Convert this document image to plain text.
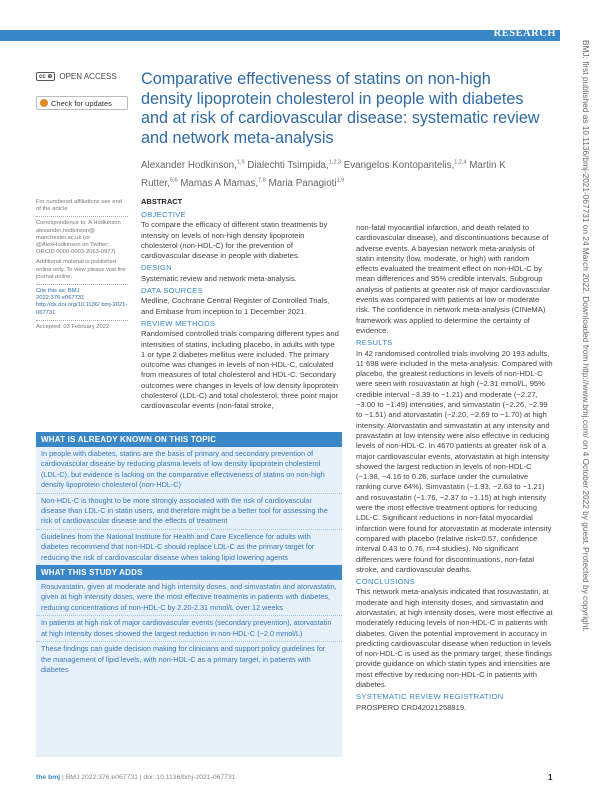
RESEARCH
cc ⊕ OPEN ACCESS
Check for updates
Comparative effectiveness of statins on non-high density lipoprotein cholesterol in people with diabetes and at risk of cardiovascular disease: systematic review and network meta-analysis
Alexander Hodkinson,$^{1,9}$ Dialechti Tsimpida,$^{1,2,3}$ Evangelos Kontopantelis,$^{1,2,4}$ Martin K Rutter,$^{5,6}$ Mamas A Mamas,$^{7,8}$ Maria Panagioti$^{1,9}$

For numbered affiliations see end of the article

Correspondence to: A Hodkinson alexander.hodkinson@ manchester.ac.uk (or @AlexHodkinson on Twitter; ORCID 0000-0003-2063-0977)

Additional material is published online only. To view please visit the journal online.

Cite this as: BMJ 2022;376:e067731 http://dx.doi.org/10.1136/ bmj-2021-067731

Accepted: 03 February 2022	BMJ: first published as 10.1136/bmj-2021-067731 on 24 March 2022. Downloaded from http://www.bmj.com/ on 4 October 2022 by guest. Protected by copyright.
ABSTRACT
OBJECTIVE

To compare the efficacy of different statin treatments by intensity on levels of non-high density lipoprotein cholesterol (non-HDL-C) for the prevention of cardiovascular disease in people with diabetes.

DESIGN

Systematic review and network meta-analysis.

DATA SOURCES

Medline, Cochrane Central Register of Controlled Trials, and Embase from inception to 1 December 2021.

REVIEW METHODS

Randomised controlled trials comparing different types and intensities of statins, including placebo, in adults with type 1 or type 2 diabetes mellitus were included. The primary outcome was changes in levels of non-HDL-C, calculated from measures of total cholesterol and HDL-C. Secondary outcomes were changes in levels of low density lipoprotein cholesterol (LDL-C) and total cholesterol, three point major cardiovascular events (non-fatal stroke,

non-fatal myocardial infarction, and death related to cardiovascular disease), and discontinuations because of adverse events. A bayesian network meta-analysis of statin intensity (low, moderate, or high) with random effects evaluated the treatment effect on non-HDL-C by mean differences and 95% credible intervals. Subgroup analysis of patients at greater risk of major cardiovascular events was compared with patients at low or moderate risk. The confidence in network meta-analysis (CINeMA) framework was applied to determine the certainty of evidence.

RESULTS

In 42 randomised controlled trials involving 20 193 adults, 11 698 were included in the meta-analysis. Compared with placebo, the greatest reductions in levels of non-HDL-C were seen with rosuvastatin at high (−2.31 mmol/L, 95% credible interval −3.39 to −1.21) and moderate (−2.27, −3.00 to −1.49) intensities, and simvastatin (−2.26, −2.99 to −1.51) and atorvastatin (−2.20, −2.69 to −1.70) at high intensity. Atorvastatin and simvastatin at any intensity and pravastatin at low intensity were also effective in reducing levels of non-HDL-C. In 4670 patients at greater risk of a major cardiovascular events, atorvastatin at high intensity showed the largest reduction in levels of non-HDL-C (−1.98, −4.16 to 0.26, surface under the cumulative ranking curve 64%). Simvastatin (−1.93, −2.63 to −1.21) and rosuvastatin (−1.76, −2.37 to −1.15) at high intensity were the most effective treatment options for reducing LDL-C. Significant reductions in non-fatal myocardial infarction were found for atorvastatin at moderate intensity compared with placebo (relative risk=0.57, confidence interval 0.43 to 0.76, n=4 studies). No significant differences were found for discontinuations, non-fatal stroke, and cardiovascular deaths.

CONCLUSIONS

This network meta-analysis indicated that rosuvastatin, at moderate and high intensity doses, and simvastatin and atorvastatin, at high intensity doses, were most effective at moderately reducing levels of non-HDL-C in patients with diabetes. Given the potential improvement in accuracy in predicting cardiovascular disease when reduction in levels of non-HDL-C is used as the primary target, these findings provide guidance on which statin types and intensities are most effective by reducing non-HDL-C in patients with diabetes.

SYSTEMATIC REVIEW REGISTRATION

PROSPERO CRD42021258819.

WHAT IS ALREADY KNOWN ON THIS TOPIC

In people with diabetes, statins are the basis of primary and secondary prevention of cardiovascular disease by reducing plasma levels of low density lipoprotein cholesterol (LDL-C), but evidence is lacking on the comparative effectiveness of statins on non-high density lipoprotein cholesterol (non-HDL-C)

Non-HDL-C is thought to be more strongly associated with the risk of cardiovascular disease than LDL-C in statin users, and therefore might be a better tool for assessing the risk of cardiovascular disease and the effects of treatment

Guidelines from the National Institute for Health and Care Excellence for adults with diabetes recommend that non-HDL-C should replace LDL-C as the primary target for reducing the risk of cardiovascular disease when taking lipid lowering agents

WHAT THIS STUDY ADDS

Rosuvastatin, given at moderate and high intensity doses, and simvastatin and atorvastatin, given at high intensity doses, were the most effective treatments in patients with diabetes, reducing concentrations of non-HDL-C by 2.20-2.31 mmol/L over 12 weeks

In patients at high risk of major cardiovascular events (secondary prevention), atorvastatin at high intensity doses showed the largest reduction in non-HDL-C (−2.0 mmol/L)

These findings can guide decision making for clinicians and support policy guidelines for the management of lipid levels, with non-HDL-C as a primary target, in patients with diabetes

the bmj | BMJ 2022;376:e067731 | doi: 10.1136/bmj-2021-067731	1
